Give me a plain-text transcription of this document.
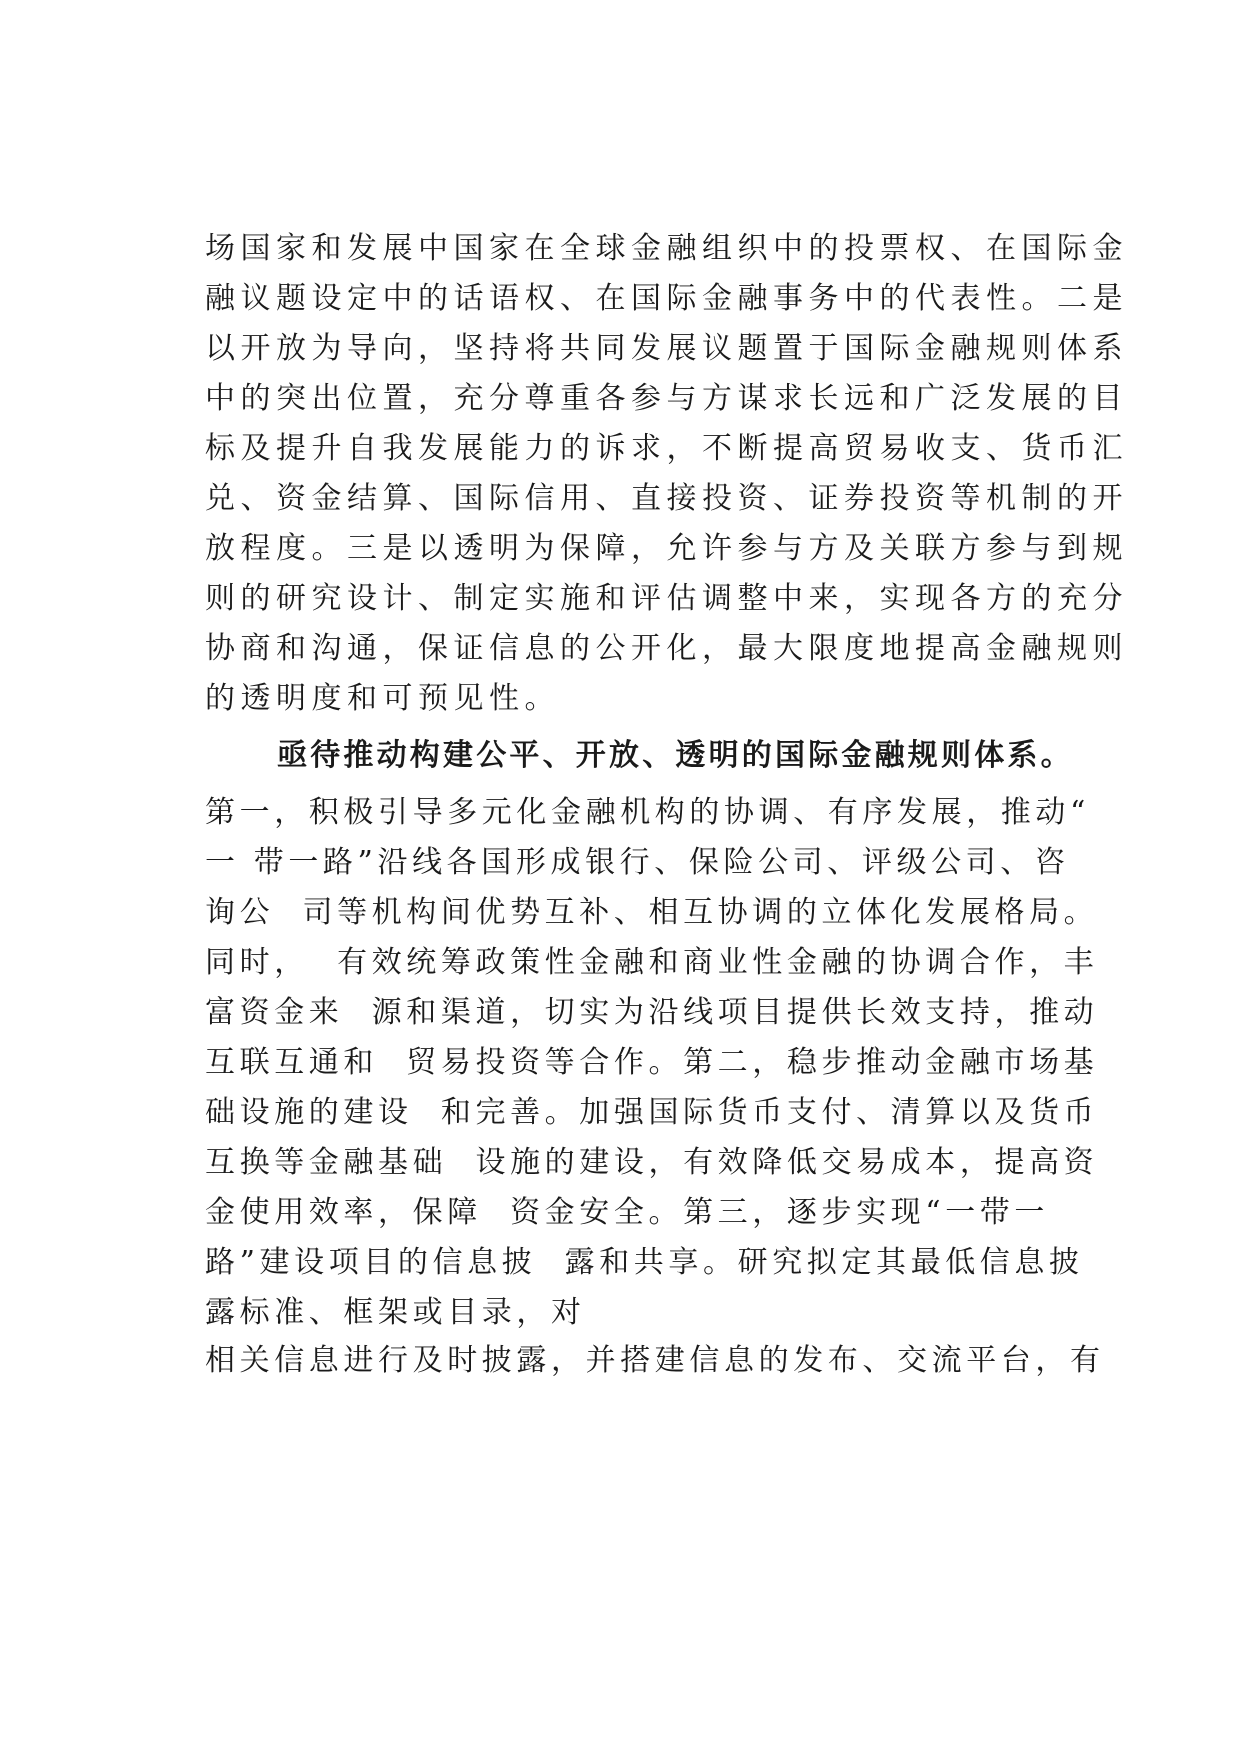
场国家和发展中国家在全球金融组织中的投票权、在国际金
融议题设定中的话语权、在国际金融事务中的代表性。二是
以开放为导向，坚持将共同发展议题置于国际金融规则体系
中的突出位置，充分尊重各参与方谋求长远和广泛发展的目
标及提升自我发展能力的诉求，不断提高贸易收支、货币汇
兑、资金结算、国际信用、直接投资、证券投资等机制的开
放程度。三是以透明为保障，允许参与方及关联方参与到规
则的研究设计、制定实施和评估调整中来，实现各方的充分
协商和沟通，保证信息的公开化，最大限度地提高金融规则
的透明度和可预见性。
亟待推动构建公平、开放、透明的国际金融规则体系。
第一，积极引导多元化金融机构的协调、有序发展，推动“
一 带一路”沿线各国形成银行、保险公司、评级公司、咨
询公  司等机构间优势互补、相互协调的立体化发展格局。
同时，  有效统筹政策性金融和商业性金融的协调合作，丰
富资金来  源和渠道，切实为沿线项目提供长效支持，推动
互联互通和  贸易投资等合作。第二，稳步推动金融市场基
础设施的建设  和完善。加强国际货币支付、清算以及货币
互换等金融基础  设施的建设，有效降低交易成本，提高资
金使用效率，保障  资金安全。第三，逐步实现“一带一
路”建设项目的信息披  露和共享。研究拟定其最低信息披
露标准、框架或目录，对
相关信息进行及时披露，并搭建信息的发布、交流平台，有
